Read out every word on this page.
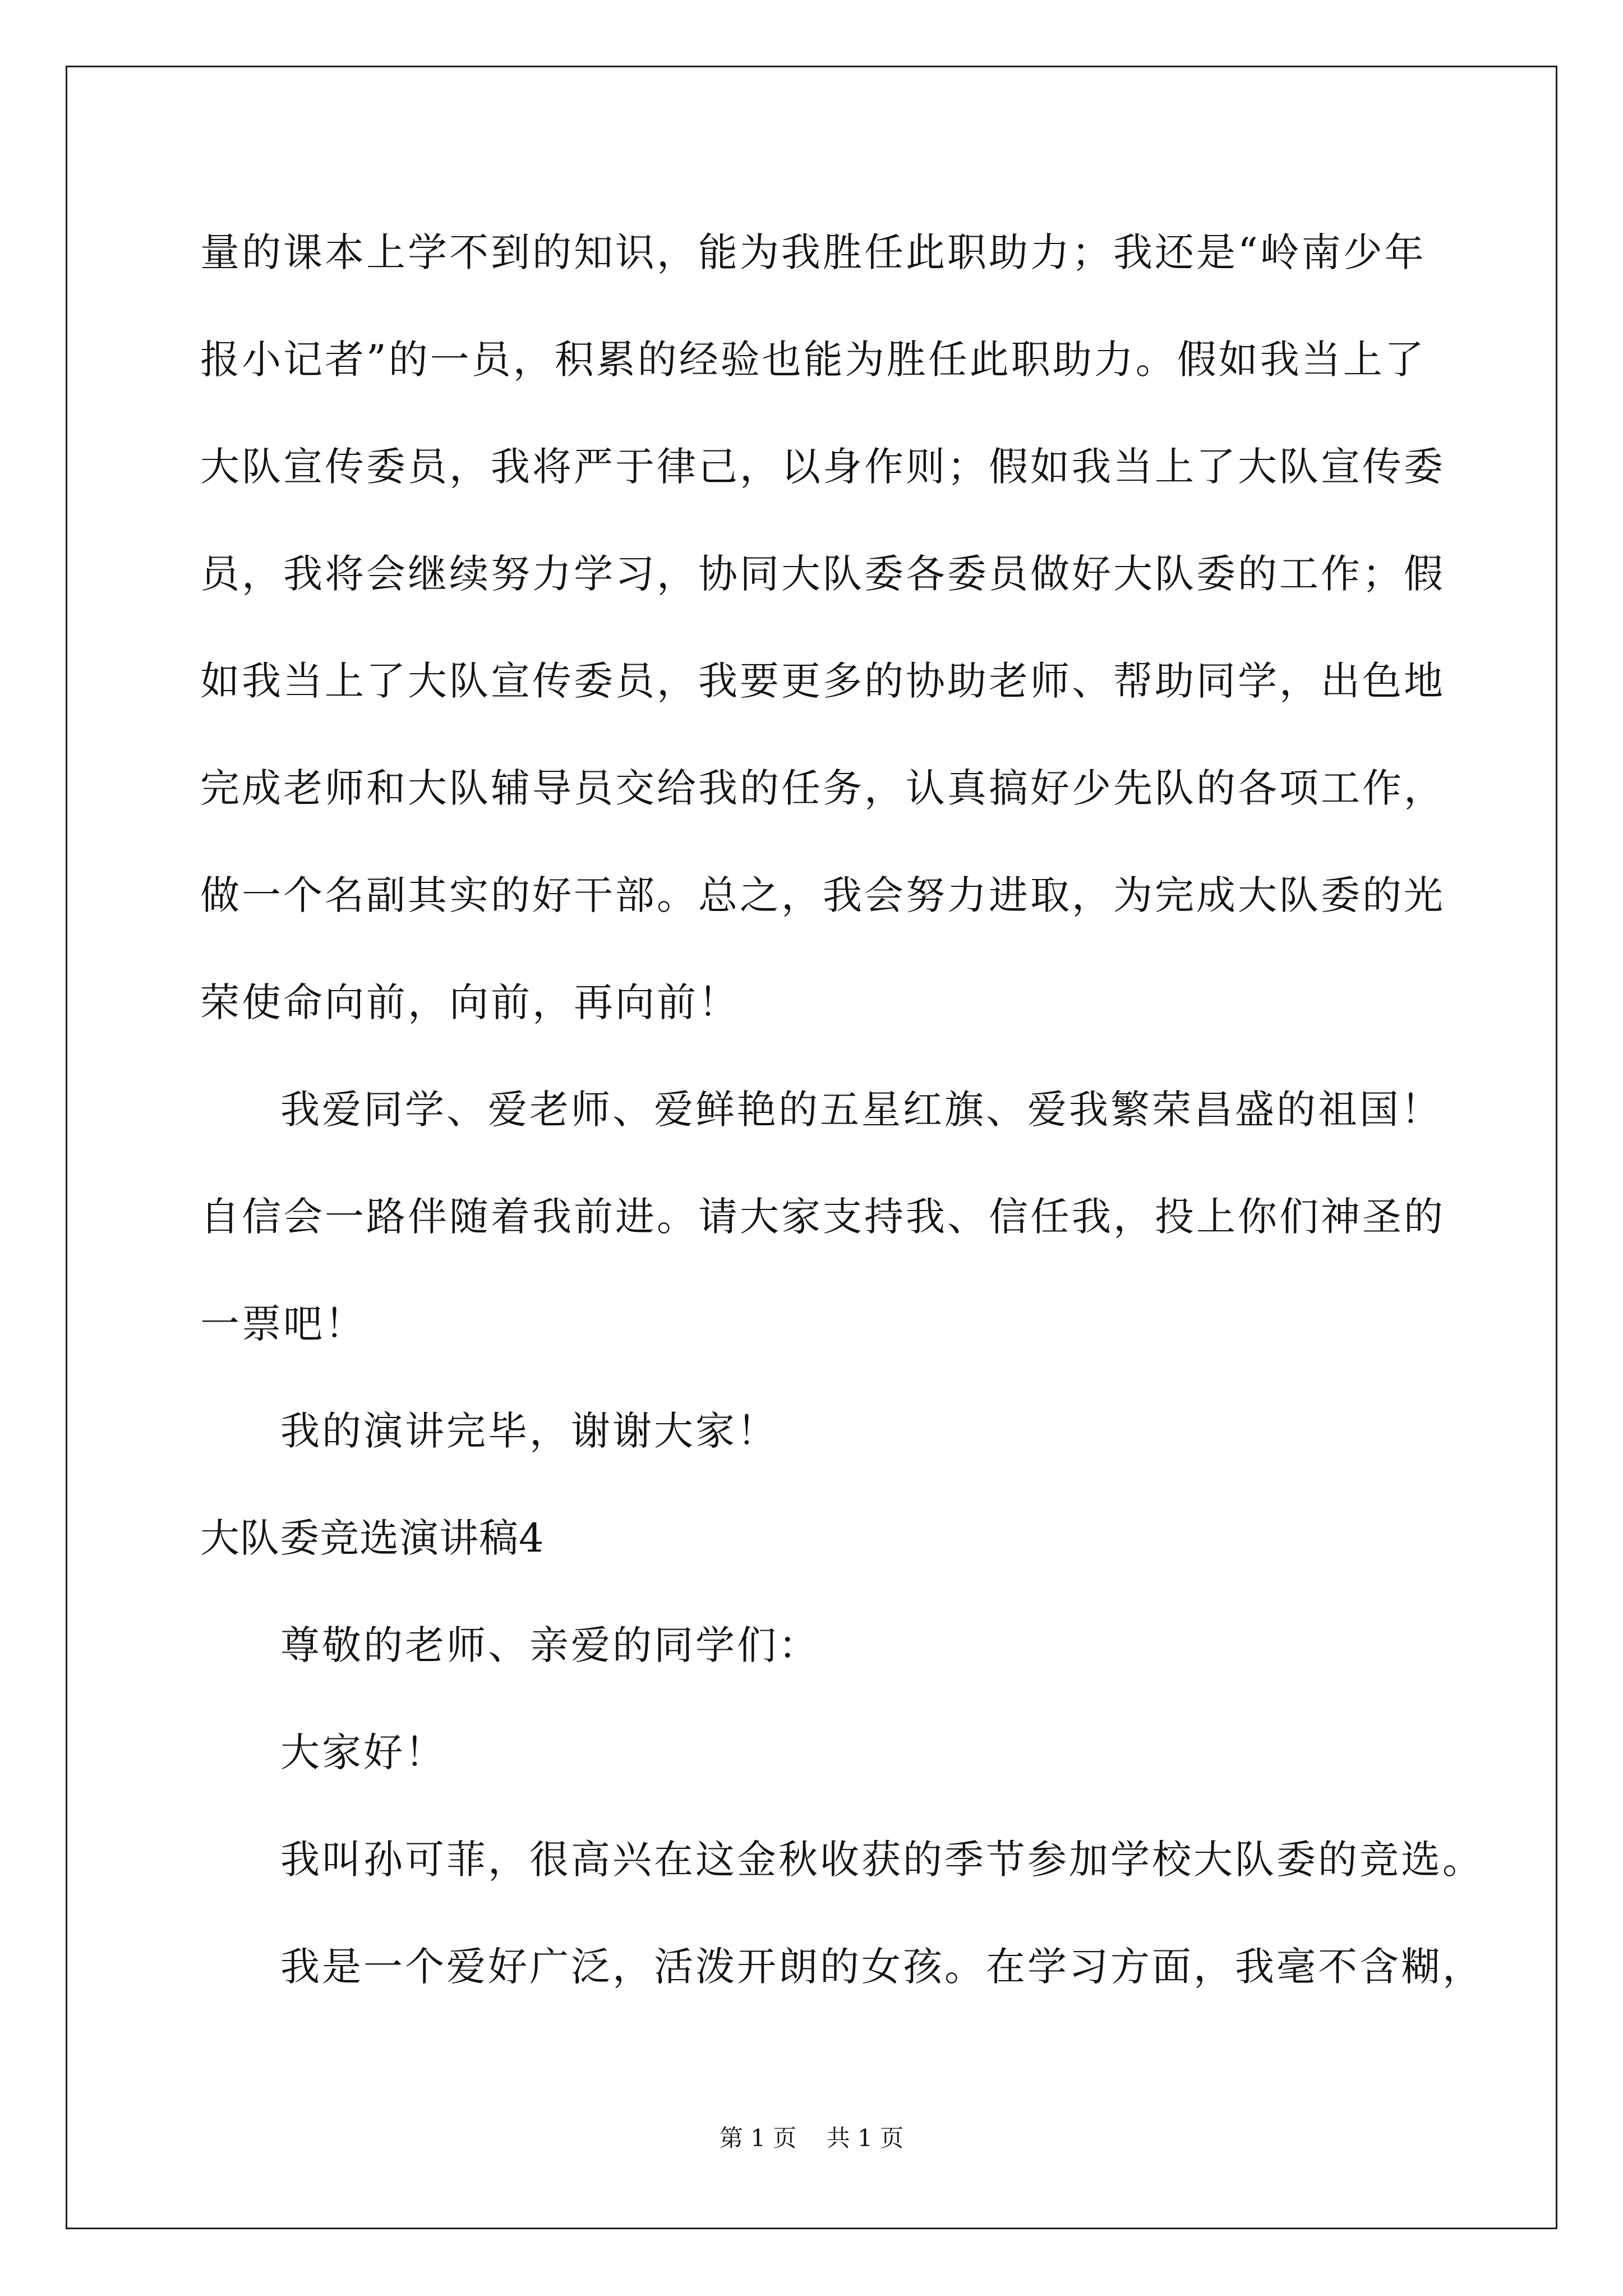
量的课本上学不到的知识，能为我胜任此职助力；我还是“岭南少年
报小记者”的一员，积累的经验也能为胜任此职助力。假如我当上了
大队宣传委员，我将严于律己，以身作则；假如我当上了大队宣传委
员，我将会继续努力学习，协同大队委各委员做好大队委的工作；假
如我当上了大队宣传委员，我要更多的协助老师、帮助同学，出色地
完成老师和大队辅导员交给我的任务，认真搞好少先队的各项工作，
做一个名副其实的好干部。总之，我会努力进取，为完成大队委的光
荣使命向前，向前，再向前！
我爱同学、爱老师、爱鲜艳的五星红旗、爱我繁荣昌盛的祖国！
自信会一路伴随着我前进。请大家支持我、信任我，投上你们神圣的
一票吧！
我的演讲完毕，谢谢大家！
大队委竞选演讲稿4
尊敬的老师、亲爱的同学们：
大家好！
我叫孙可菲，很高兴在这金秋收获的季节参加学校大队委的竞选。
我是一个爱好广泛，活泼开朗的女孩。在学习方面，我毫不含糊，
第 1 页    共 1 页
